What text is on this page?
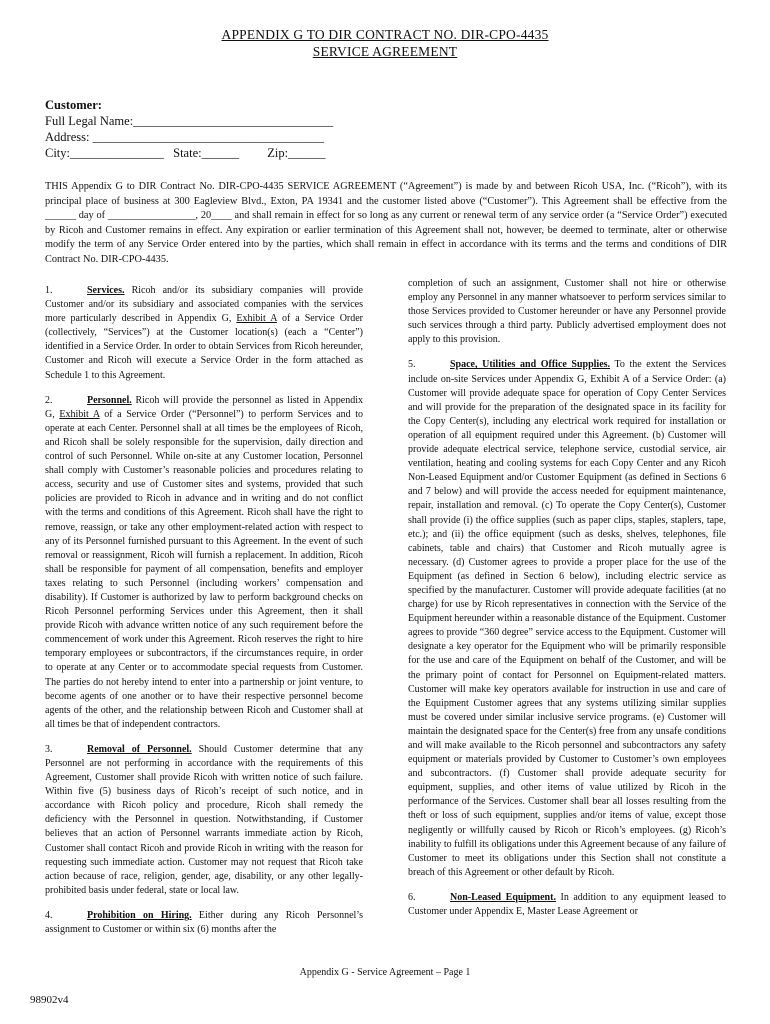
APPENDIX G TO DIR CONTRACT NO. DIR-CPO-4435
SERVICE AGREEMENT
Customer:
Full Legal Name:________________________________
Address: _____________________________________
City:_______________   State:______         Zip:______
THIS Appendix G to DIR Contract No. DIR-CPO-4435 SERVICE AGREEMENT (“Agreement”) is made by and between Ricoh USA, Inc. (“Ricoh”), with its principal place of business at 300 Eagleview Blvd., Exton, PA 19341 and the customer listed above (“Customer”). This Agreement shall be effective from the ______ day of _________________, 20____ and shall remain in effect for so long as any current or renewal term of any service order (a “Service Order”) executed by Ricoh and Customer remains in effect. Any expiration or earlier termination of this Agreement shall not, however, be deemed to terminate, alter or otherwise modify the term of any Service Order entered into by the parties, which shall remain in effect in accordance with its terms and the terms and conditions of DIR Contract No. DIR-CPO-4435.

1.	Services. Ricoh and/or its subsidiary companies will provide Customer and/or its subsidiary and associated companies with the services more particularly described in Appendix G, Exhibit A of a Service Order (collectively, “Services”) at the Customer location(s) (each a “Center”) identified in a Service Order. In order to obtain Services from Ricoh hereunder, Customer and Ricoh will execute a Service Order in the form attached as Schedule 1 to this Agreement.

2.	Personnel. Ricoh will provide the personnel as listed in Appendix G, Exhibit A of a Service Order (“Personnel”) to perform Services and to operate at each Center. Personnel shall at all times be the employees of Ricoh, and Ricoh shall be solely responsible for the supervision, daily direction and control of such Personnel. While on-site at any Customer location, Personnel shall comply with Customer’s reasonable policies and procedures relating to access, security and use of Customer sites and systems, provided that such policies are provided to Ricoh in advance and in writing and do not conflict with the terms and conditions of this Agreement. Ricoh shall have the right to remove, reassign, or take any other employment-related action with respect to any of its Personnel furnished pursuant to this Agreement. In the event of such removal or reassignment, Ricoh will furnish a replacement. In addition, Ricoh shall be responsible for payment of all compensation, benefits and employer taxes relating to such Personnel (including workers’ compensation and disability). If Customer is authorized by law to perform background checks on Ricoh Personnel performing Services under this Agreement, then it shall provide Ricoh with advance written notice of any such requirement before the commencement of work under this Agreement. Ricoh reserves the right to hire temporary employees or subcontractors, if the circumstances require, in order to operate at any Center or to accommodate special requests from Customer. The parties do not hereby intend to enter into a partnership or joint venture, to become agents of one another or to have their respective personnel become agents of the other, and the relationship between Ricoh and Customer shall at all times be that of independent contractors.

3.	Removal of Personnel. Should Customer determine that any Personnel are not performing in accordance with the requirements of this Agreement, Customer shall provide Ricoh with written notice of such failure. Within five (5) business days of Ricoh’s receipt of such notice, and in accordance with Ricoh policy and procedure, Ricoh shall remedy the deficiency with the Personnel in question. Notwithstanding, if Customer believes that an action of Personnel warrants immediate action by Ricoh, Customer shall contact Ricoh and provide Ricoh in writing with the reason for requesting such immediate action. Customer may not request that Ricoh take action because of race, religion, gender, age, disability, or any other legally-prohibited basis under federal, state or local law.

4.	Prohibition on Hiring. Either during any Ricoh Personnel’s assignment to Customer or within six (6) months after the

completion of such an assignment, Customer shall not hire or otherwise employ any Personnel in any manner whatsoever to perform services similar to those Services provided to Customer hereunder or have any Personnel provide such services through a third party. Publicly advertised employment does not apply to this provision.

5.	Space, Utilities and Office Supplies. To the extent the Services include on-site Services under Appendix G, Exhibit A of a Service Order: (a) Customer will provide adequate space for operation of Copy Center Services and will provide for the preparation of the designated space in its facility for the Copy Center(s), including any electrical work required for installation or operation of all equipment required under this Agreement. (b) Customer will provide adequate electrical service, telephone service, custodial service, air ventilation, heating and cooling systems for each Copy Center and any Ricoh Non-Leased Equipment and/or Customer Equipment (as defined in Sections 6 and 7 below) and will provide the access needed for equipment maintenance, repair, installation and removal. (c) To operate the Copy Center(s), Customer shall provide (i) the office supplies (such as paper clips, staples, staplers, tape, etc.); and (ii) the office equipment (such as desks, shelves, telephones, file cabinets, table and chairs) that Customer and Ricoh mutually agree is necessary. (d) Customer agrees to provide a proper place for the use of the Equipment (as defined in Section 6 below), including electric service as specified by the manufacturer. Customer will provide adequate facilities (at no charge) for use by Ricoh representatives in connection with the Service of the Equipment hereunder within a reasonable distance of the Equipment. Customer agrees to provide “360 degree” service access to the Equipment. Customer will designate a key operator for the Equipment who will be primarily responsible for the use and care of the Equipment on behalf of the Customer, and will be the primary point of contact for Personnel on Equipment-related matters. Customer will make key operators available for instruction in use and care of the Equipment Customer agrees that any systems utilizing similar supplies must be covered under similar inclusive service programs. (e) Customer will maintain the designated space for the Center(s) free from any unsafe conditions and will make available to the Ricoh personnel and subcontractors any safety equipment or materials provided by Customer to Customer’s own employees and subcontractors. (f) Customer shall provide adequate security for equipment, supplies, and other items of value utilized by Ricoh in the performance of the Services. Customer shall bear all losses resulting from the theft or loss of such equipment, supplies and/or items of value, except those negligently or willfully caused by Ricoh or Ricoh’s employees. (g) Ricoh’s inability to fulfill its obligations under this Agreement because of any failure of Customer to meet its obligations under this Section shall not constitute a breach of this Agreement or other default by Ricoh.

6.	Non-Leased Equipment. In addition to any equipment leased to Customer under Appendix E, Master Lease Agreement or

Appendix G - Service Agreement – Page 1
98902v4
